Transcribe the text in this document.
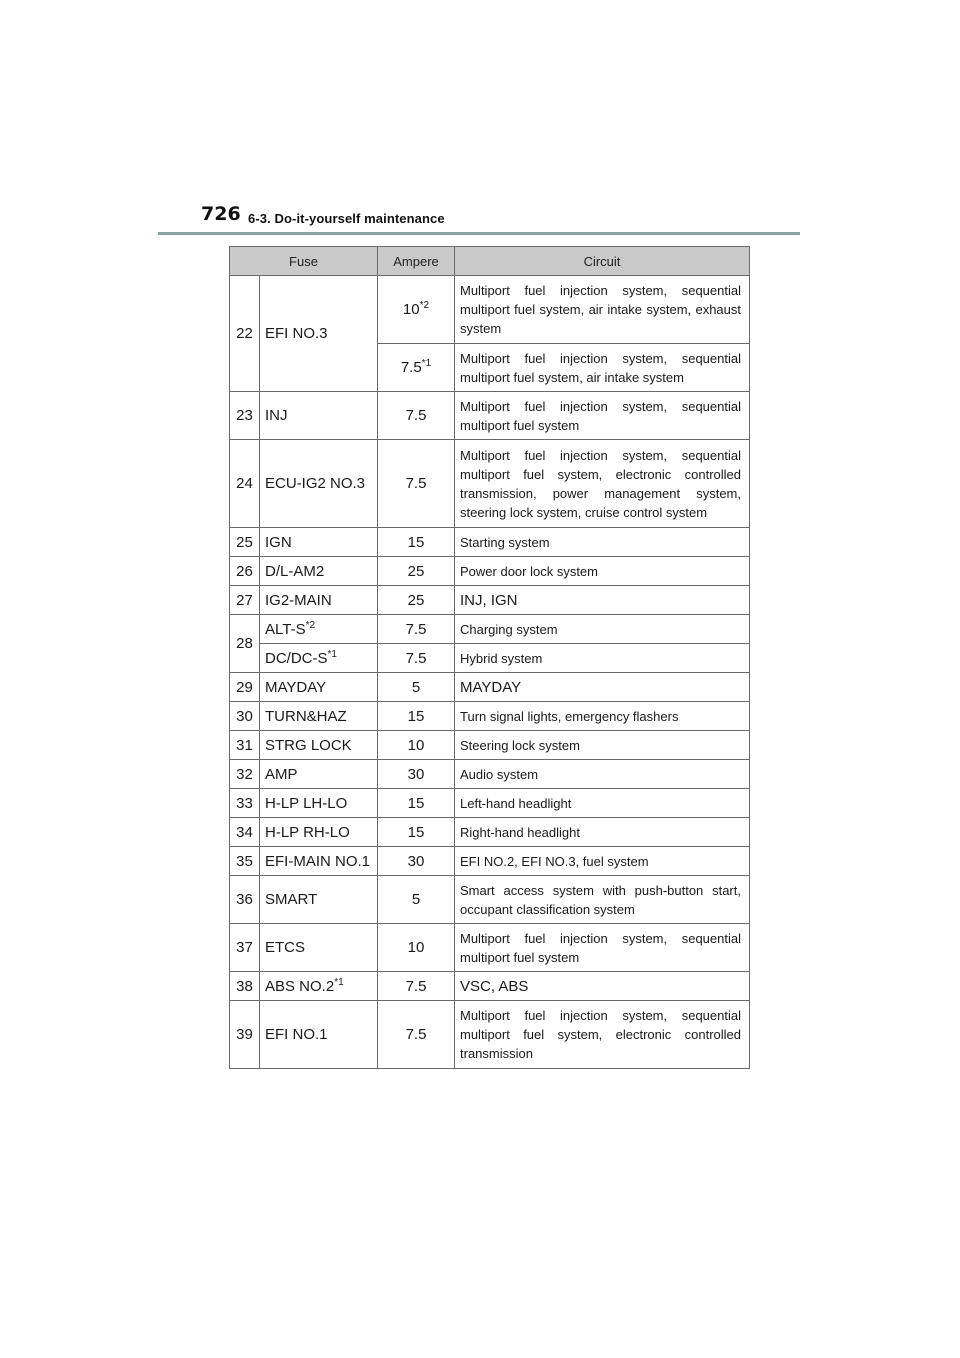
726 6-3. Do-it-yourself maintenance
Fuse		Ampere	Circuit
22	EFI NO.3	10$^{*2}$	Multiport fuel injection system, sequential multiport fuel system, air intake system, exhaust system
		7.5$^{*1}$	Multiport fuel injection system, sequential multiport fuel system, air intake system
23	INJ	7.5	Multiport fuel injection system, sequential multiport fuel system
24	ECU-IG2 NO.3	7.5	Multiport fuel injection system, sequential multiport fuel system, electronic controlled transmission, power management system, steering lock system, cruise control system
25	IGN	15	Starting system
26	D/L-AM2	25	Power door lock system
27	IG2-MAIN	25	INJ, IGN
28	ALT-$S^{*2}$	7.5	Charging system
	$DC/DC-S^{*1}$	7.5	Hybrid system
29	MAYDAY	5	MAYDAY
30	TURN&HAZ	15	Turn signal lights, emergency flashers
31	STRG LOCK	10	Steering lock system
32	AMP	30	Audio system
33	H-LP LH-LO	15	Left-hand headlight
34	H-LP RH-LO	15	Right-hand headlight
35	EFI-MAIN NO.1	30	EFI NO.2, EFI NO.3, fuel system
36	SMART	5	Smart access system with push-button start, occupant classification system
37	ETCS	10	Multiport fuel injection system, sequential multiport fuel system
38	ABS NO.2$^{*1}$	7.5	VSC, ABS
39	EFI NO.1	7.5	Multiport fuel injection system, sequential multiport fuel system, electronic controlled transmission
